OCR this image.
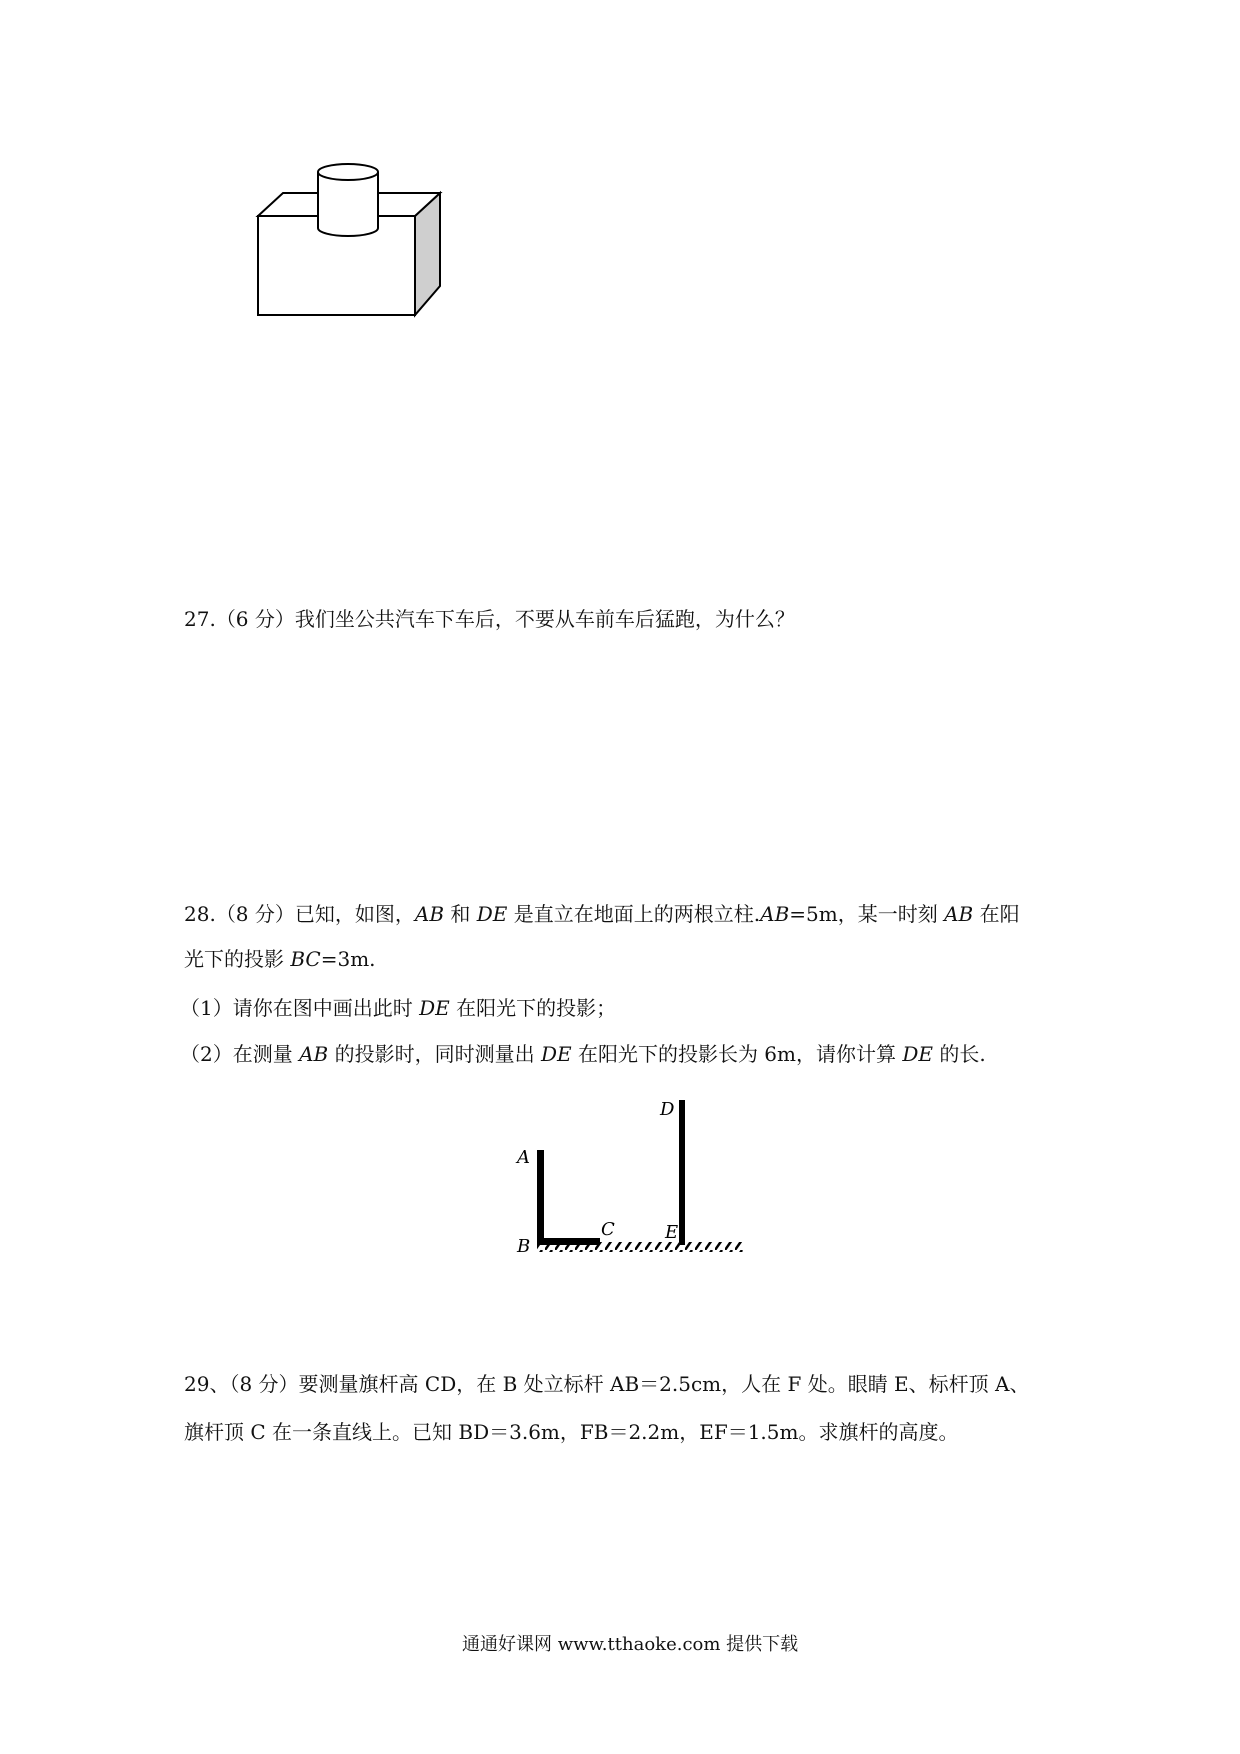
27.（6 分）我们坐公共汽车下车后，不要从车前车后猛跑，为什么？
28.（8 分）已知，如图，AB 和 DE 是直立在地面上的两根立柱.AB=5m，某一时刻 AB 在阳
光下的投影 BC=3m.
（1）请你在图中画出此时 DE 在阳光下的投影；
（2）在测量 AB 的投影时，同时测量出 DE 在阳光下的投影长为 6m，请你计算 DE 的长.
A
B
C
D
E
29、（8 分）要测量旗杆高 CD，在 B 处立标杆 AB＝2.5cm，人在 F 处。眼睛 E、标杆顶 A、
旗杆顶 C 在一条直线上。已知 BD＝3.6m，FB＝2.2m，EF＝1.5m。求旗杆的高度。
通通好课网 www.tthaoke.com 提供下载
